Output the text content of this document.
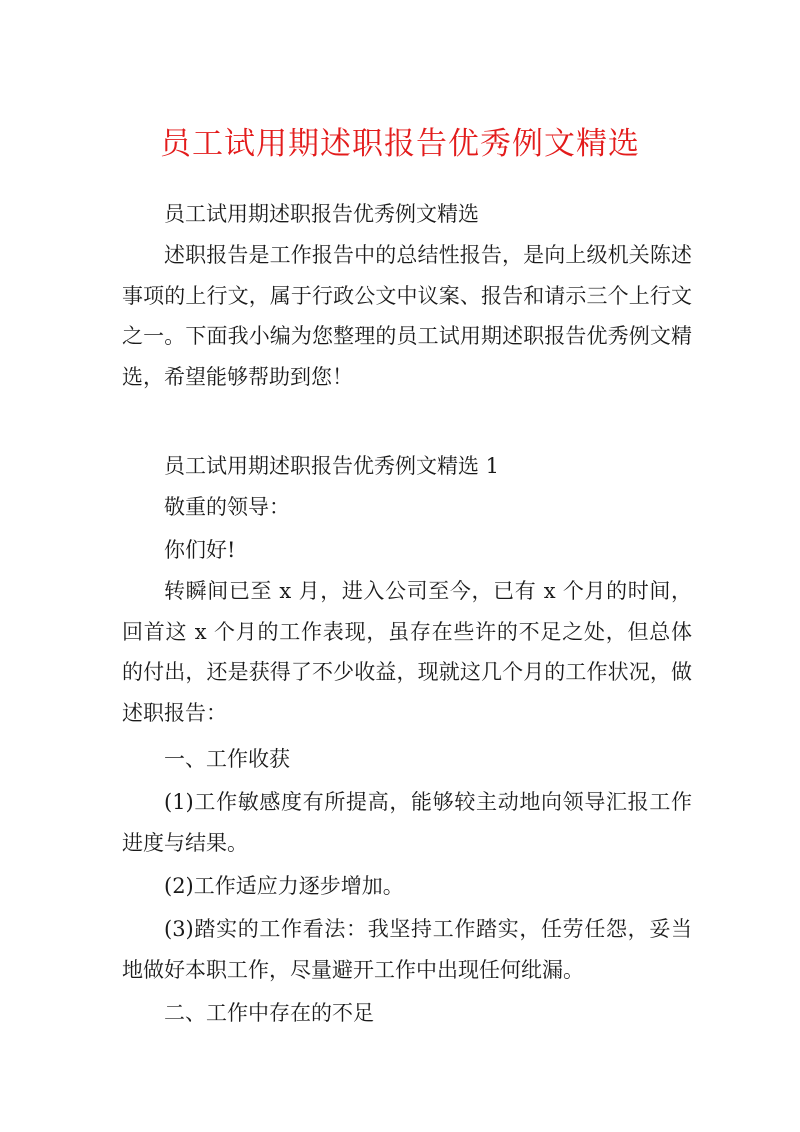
员工试用期述职报告优秀例文精选

员工试用期述职报告优秀例文精选

述职报告是工作报告中的总结性报告，是向上级机关陈述事项的上行文，属于行政公文中议案、报告和请示三个上行文之一。下面我小编为您整理的员工试用期述职报告优秀例文精选，希望能够帮助到您！

员工试用期述职报告优秀例文精选 1

敬重的领导：

你们好!

转瞬间已至 x 月，进入公司至今，已有 x 个月的时间，回首这 x 个月的工作表现，虽存在些许的不足之处，但总体的付出，还是获得了不少收益，现就这几个月的工作状况，做述职报告：

一、工作收获

(1)工作敏感度有所提高，能够较主动地向领导汇报工作进度与结果。

(2)工作适应力逐步增加。

(3)踏实的工作看法：我坚持工作踏实，任劳任怨，妥当地做好本职工作，尽量避开工作中出现任何纰漏。

二、工作中存在的不足
